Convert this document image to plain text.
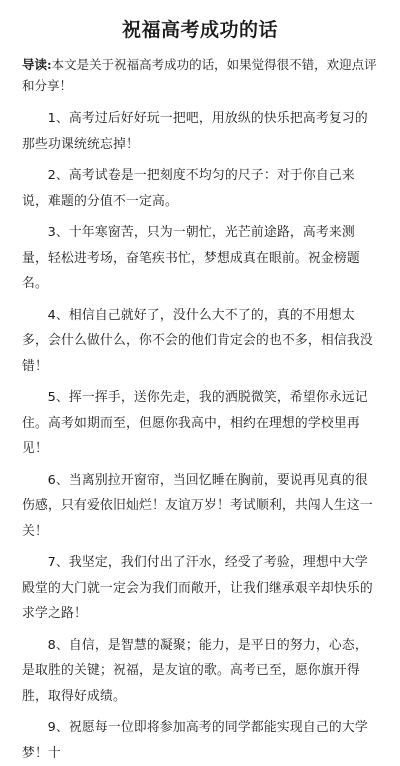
祝福高考成功的话

导读:本文是关于祝福高考成功的话，如果觉得很不错，欢迎点评和分享！

1、高考过后好好玩一把吧，用放纵的快乐把高考复习的那些功课统统忘掉！
2、高考试卷是一把刻度不均匀的尺子：对于你自己来说，难题的分值不一定高。
3、十年寒窗苦，只为一朝忙，光芒前途路，高考来测量，轻松进考场，奋笔疾书忙，梦想成真在眼前。祝金榜题名。
4、相信自己就好了，没什么大不了的，真的不用想太多，会什么做什么，你不会的他们肯定会的也不多，相信我没错！
5、挥一挥手，送你先走，我的洒脱微笑，希望你永远记住。高考如期而至，但愿你我高中，相约在理想的学校里再见！
6、当离别拉开窗帘，当回忆睡在胸前，要说再见真的很伤感，只有爱依旧灿烂！友谊万岁！考试顺利，共闯人生这一关！
7、我坚定，我们付出了汗水，经受了考验，理想中大学殿堂的大门就一定会为我们而敞开，让我们继承艰辛却快乐的求学之路！
8、自信，是智慧的凝聚；能力，是平日的努力，心态，是取胜的关键；祝福，是友谊的歌。高考已至，愿你旗开得胜，取得好成绩。
9、祝愿每一位即将参加高考的同学都能实现自己的大学梦！十
